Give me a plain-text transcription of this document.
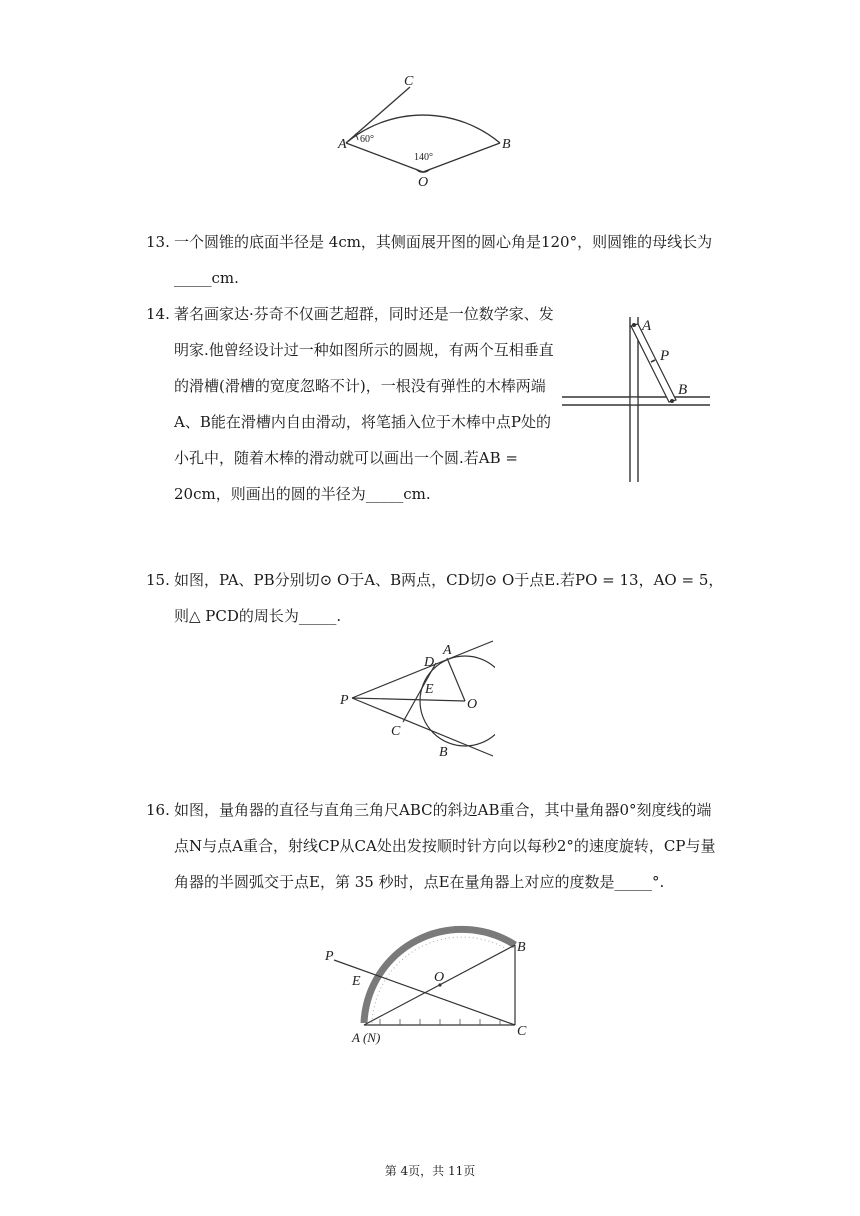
C
A	B
O
60°
140°
13. 一个圆锥的底面半径是 4cm，其侧面展开图的圆心角是120°，则圆锥的母线长为_____cm.
14. 著名画家达·芬奇不仅画艺超群，同时还是一位数学家、发明家.他曾经设计过一种如图所示的圆规，有两个互相垂直的滑槽(滑槽的宽度忽略不计)，一根没有弹性的木棒两端A、B能在滑槽内自由滑动，将笔插入位于木棒中点P处的小孔中，随着木棒的滑动就可以画出一个圆.若AB = 20cm，则画出的圆的半径为_____cm.
A
P
B
15. 如图，PA、PB分别切⊙ O于A、B两点，CD切⊙ O于点E.若PO = 13，AO = 5，则△ PCD的周长为_____.
P
D
A
E
O
C
B
16. 如图，量角器的直径与直角三角尺ABC的斜边AB重合，其中量角器0°刻度线的端点N与点A重合，射线CP从CA处出发按顺时针方向以每秒2°的速度旋转，CP与量角器的半圆弧交于点E，第 35 秒时，点E在量角器上对应的度数是_____°.
P
E	O
B
A (N)	C
第 4页，共 11页
